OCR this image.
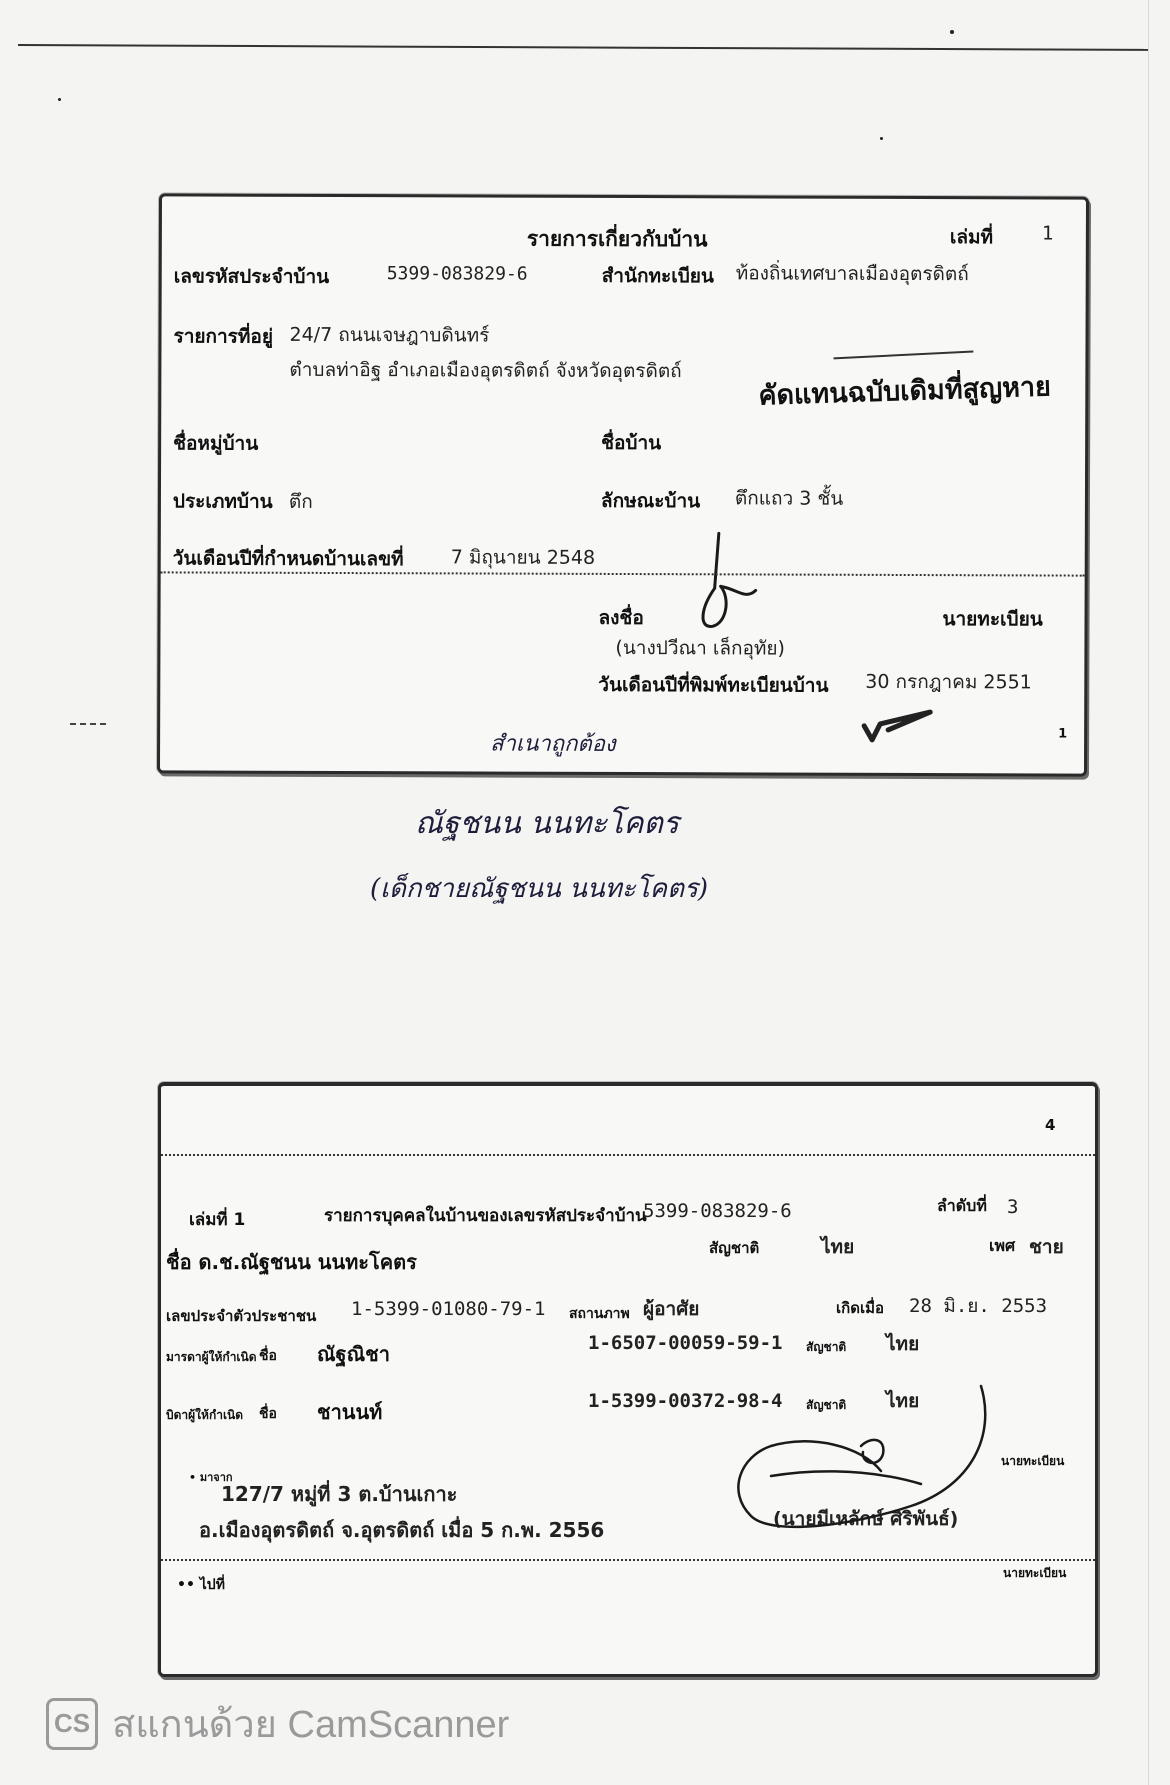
รายการเกี่ยวกับบ้าน	เล่มที่	1
เลขรหัสประจำบ้าน	5399-083829-6	สำนักทะเบียน ท้องถิ่นเทศบาลเมืองอุตรดิตถ์
รายการที่อยู่ 24/7 ถนนเจษฎาบดินทร์
ตำบลท่าอิฐ อำเภอเมืองอุตรดิตถ์ จังหวัดอุตรดิตถ์
คัดแทนฉบับเดิมที่สูญหาย
ชื่อหมู่บ้าน	ชื่อบ้าน
ประเภทบ้าน ตึก	ลักษณะบ้าน ตึกแถว 3 ชั้น
วันเดือนปีที่กำหนดบ้านเลขที่ 7 มิถุนายน 2548
ลงชื่อ	นายทะเบียน
(นางปวีณา เล็กอุทัย)
วันเดือนปีที่พิมพ์ทะเบียนบ้าน 30 กรกฎาคม 2551
1
สำเนาถูกต้อง
ณัฐชนน นนทะโคตร
(เด็กชายณัฐชนน นนทะโคตร)
4
เล่มที่ 1	รายการบุคคลในบ้านของเลขรหัสประจำบ้าน
5399-083829-6	ลำดับที่ 3
ชื่อ ด.ช.ณัฐชนน นนทะโคตร
สัญชาติ	ไทย	เพศ ชาย
เลขประจำตัวประชาชน 1-5399-01080-79-1 สถานภาพ ผู้อาศัย	เกิดเมื่อ 28 มิ.ย. 2553
มารดาผู้ให้กำเนิด ชื่อ ณัฐณิชา	1-6507-00059-59-1 สัญชาติ ไทย
บิดาผู้ให้กำเนิด ชื่อ ชานนท์	1-5399-00372-98-4 สัญชาติ ไทย
• มาจาก
127/7 หมู่ที่ 3 ต.บ้านเกาะ
อ.เมืองอุตรดิตถ์ จ.อุตรดิตถ์ เมื่อ 5 ก.พ. 2556
นายทะเบียน
(นายมีเหลักษ์ ศิริพันธ์)
นายทะเบียน
•• ไปที่
CS สแกนด้วย CamScanner
